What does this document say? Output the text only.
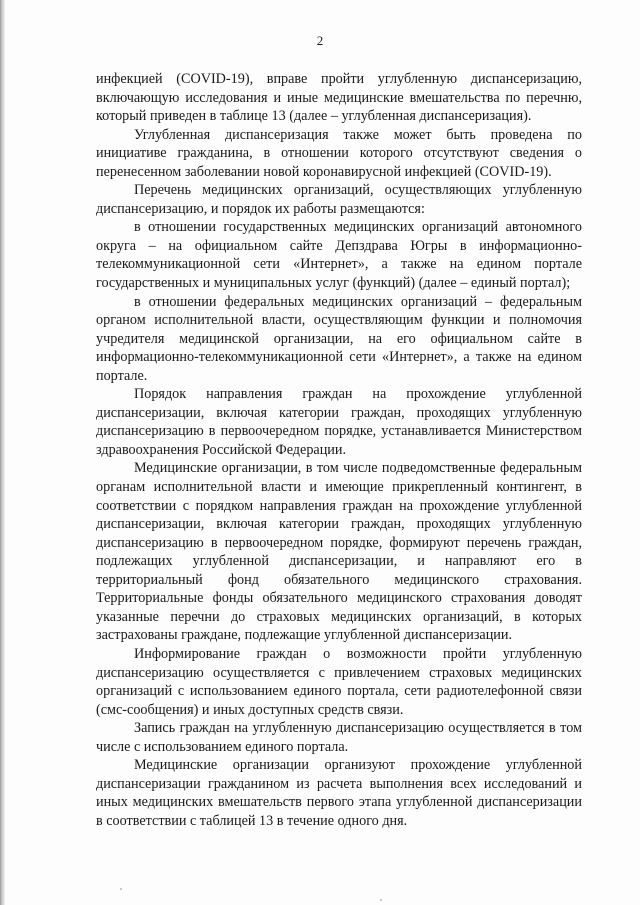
2

инфекцией (COVID-19), вправе пройти углубленную диспансеризацию, включающую исследования и иные медицинские вмешательства по перечню, который приведен в таблице 13 (далее – углубленная диспансеризация).

Углубленная диспансеризация также может быть проведена по инициативе гражданина, в отношении которого отсутствуют сведения о перенесенном заболевании новой коронавирусной инфекцией (COVID-19).

Перечень медицинских организаций, осуществляющих углубленную диспансеризацию, и порядок их работы размещаются:

в отношении государственных медицинских организаций автономного округа – на официальном сайте Депздрава Югры в информационно-телекоммуникационной сети «Интернет», а также на едином портале государственных и муниципальных услуг (функций) (далее – единый портал);

в отношении федеральных медицинских организаций – федеральным органом исполнительной власти, осуществляющим функции и полномочия учредителя медицинской организации, на его официальном сайте в информационно-телекоммуникационной сети «Интернет», а также на едином портале.

Порядок направления граждан на прохождение углубленной диспансеризации, включая категории граждан, проходящих углубленную диспансеризацию в первоочередном порядке, устанавливается Министерством здравоохранения Российской Федерации.

Медицинские организации, в том числе подведомственные федеральным органам исполнительной власти и имеющие прикрепленный контингент, в соответствии с порядком направления граждан на прохождение углубленной диспансеризации, включая категории граждан, проходящих углубленную диспансеризацию в первоочередном порядке, формируют перечень граждан, подлежащих углубленной диспансеризации, и направляют его в территориальный фонд обязательного медицинского страхования. Территориальные фонды обязательного медицинского страхования доводят указанные перечни до страховых медицинских организаций, в которых застрахованы граждане, подлежащие углубленной диспансеризации.

Информирование граждан о возможности пройти углубленную диспансеризацию осуществляется с привлечением страховых медицинских организаций с использованием единого портала, сети радиотелефонной связи (смс-сообщения) и иных доступных средств связи.

Запись граждан на углубленную диспансеризацию осуществляется в том числе с использованием единого портала.

Медицинские организации организуют прохождение углубленной диспансеризации гражданином из расчета выполнения всех исследований и иных медицинских вмешательств первого этапа углубленной диспансеризации в соответствии с таблицей 13 в течение одного дня.
